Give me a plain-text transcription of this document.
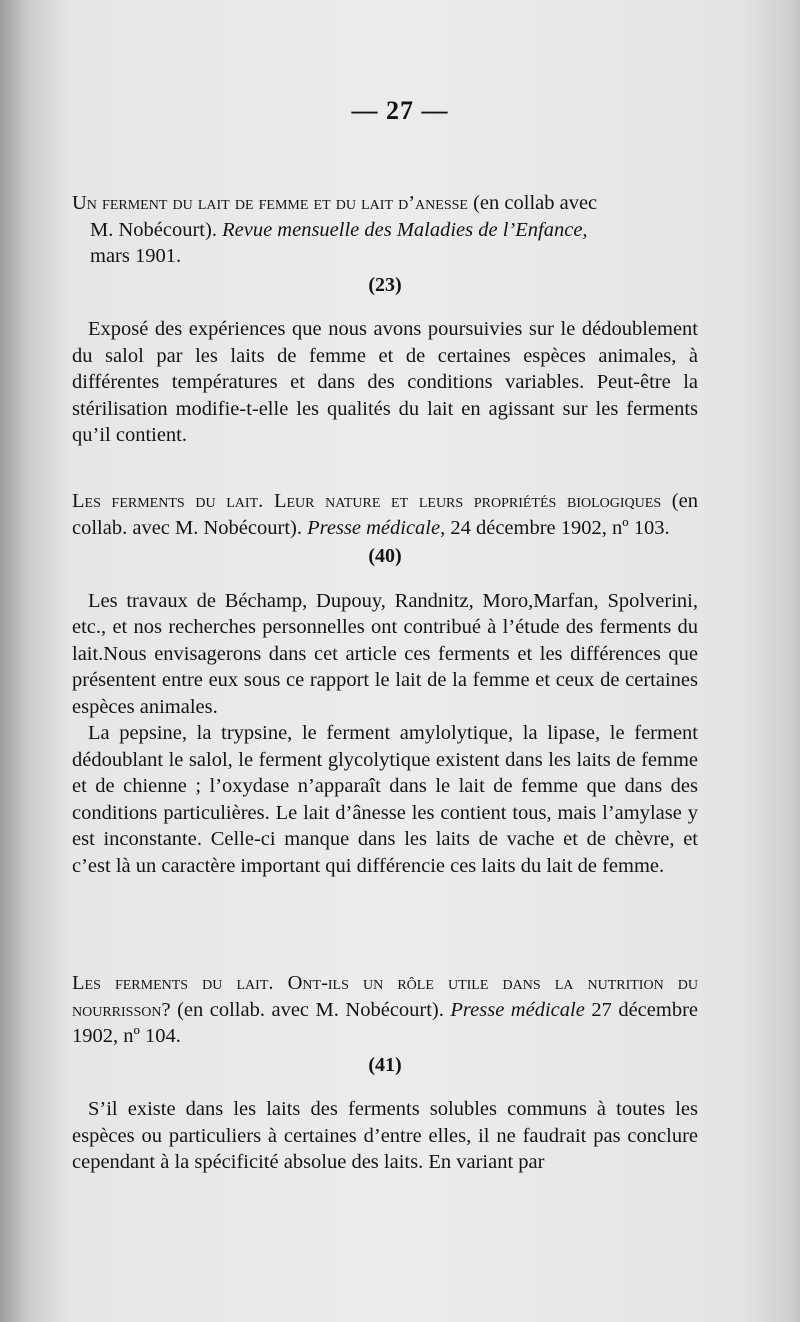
— 27 —
Un ferment du lait de femme et du lait d’anesse (en collab avec
M. Nobécourt). Revue mensuelle des Maladies de l’Enfance,
mars 1901.
(23)

Exposé des expériences que nous avons poursuivies sur le dédoublement du salol par les laits de femme et de certaines espèces animales, à différentes températures et dans des conditions variables. Peut-être la stérilisation modifie-t-elle les qualités du lait en agissant sur les ferments qu’il contient.

Les ferments du lait. Leur nature et leurs propriétés biologiques (en collab. avec M. Nobécourt). Presse médicale, 24 décembre 1902, nº 103.
(40)

Les travaux de Béchamp, Dupouy, Randnitz, Moro,Marfan, Spolverini, etc., et nos recherches personnelles ont contribué à l’étude des ferments du lait.Nous envisagerons dans cet article ces ferments et les différences que présentent entre eux sous ce rapport le lait de la femme et ceux de certaines espèces animales.

La pepsine, la trypsine, le ferment amylolytique, la lipase, le ferment dédoublant le salol, le ferment glycolytique existent dans les laits de femme et de chienne ; l’oxydase n’apparaît dans le lait de femme que dans des conditions particulières. Le lait d’ânesse les contient tous, mais l’amylase y est inconstante. Celle-ci manque dans les laits de vache et de chèvre, et c’est là un caractère important qui différencie ces laits du lait de femme.

Les ferments du lait. Ont-ils un rôle utile dans la nutrition du nourrisson? (en collab. avec M. Nobécourt). Presse médicale 27 décembre 1902, nº 104.
(41)

S’il existe dans les laits des ferments solubles communs à toutes les espèces ou particuliers à certaines d’entre elles, il ne faudrait pas conclure cependant à la spécificité absolue des laits. En variant par
